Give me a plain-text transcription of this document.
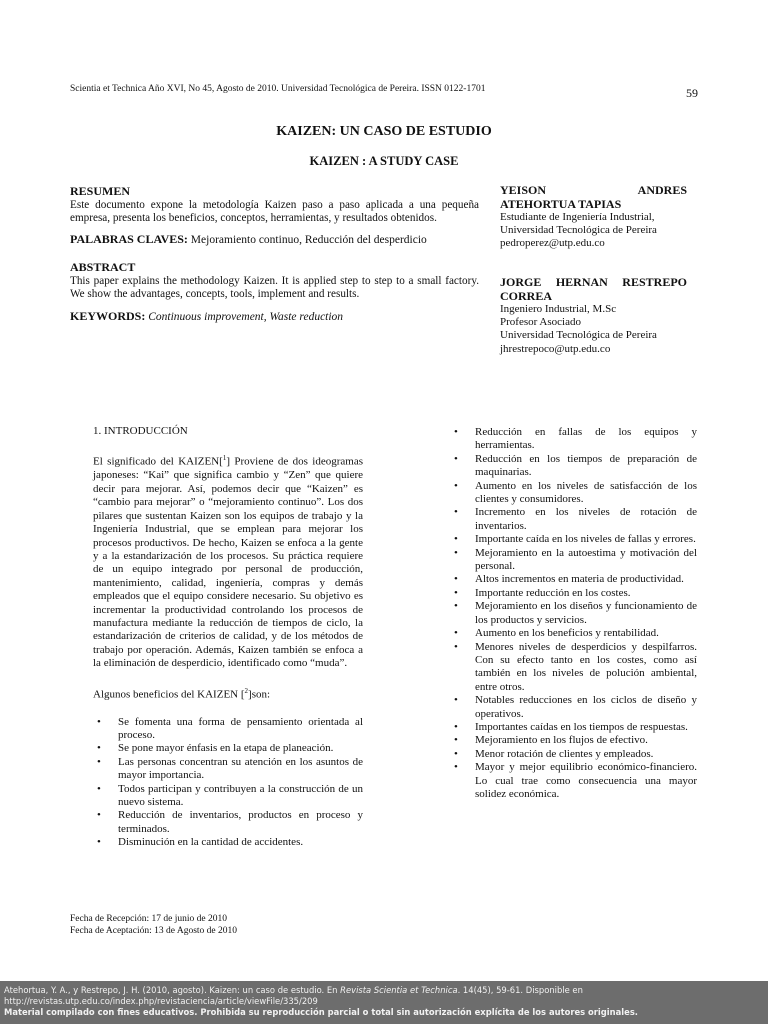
Scientia et Technica Año XVI, No 45, Agosto de 2010. Universidad Tecnológica de Pereira. ISSN 0122-1701	59
KAIZEN: UN CASO DE ESTUDIO
KAIZEN : A STUDY CASE
RESUMEN
Este documento expone la metodología Kaizen paso a paso aplicada a una pequeña empresa, presenta los beneficios, conceptos, herramientas, y resultados obtenidos.
PALABRAS CLAVES: Mejoramiento continuo, Reducción del desperdicio
ABSTRACT
This paper explains the methodology Kaizen. It is applied step to step to a small factory. We show the advantages, concepts, tools, implement and results.
KEYWORDS: Continuous improvement, Waste reduction
YEISON ANDRES
ATEHORTUA TAPIAS
Estudiante de Ingeniería Industrial,
Universidad Tecnológica de Pereira
pedroperez@utp.edu.co
JORGE HERNAN RESTREPO
CORREA
Ingeniero Industrial, M.Sc
Profesor Asociado
Universidad Tecnológica de Pereira
jhrestrepoco@utp.edu.co
1. INTRODUCCIÓN
El significado del KAIZEN[$^1$] Proviene de dos ideogramas japoneses: “Kai” que significa cambio y “Zen” que quiere decir para mejorar. Así, podemos decir que “Kaizen” es “cambio para mejorar” o “mejoramiento continuo”. Los dos pilares que sustentan Kaizen son los equipos de trabajo y la Ingeniería Industrial, que se emplean para mejorar los procesos productivos. De hecho, Kaizen se enfoca a la gente y a la estandarización de los procesos. Su práctica requiere de un equipo integrado por personal de producción, mantenimiento, calidad, ingeniería, compras y demás empleados que el equipo considere necesario. Su objetivo es incrementar la productividad controlando los procesos de manufactura mediante la reducción de tiempos de ciclo, la estandarización de criterios de calidad, y de los métodos de trabajo por operación. Además, Kaizen también se enfoca a la eliminación de desperdicio, identificado como “muda”.
Algunos beneficios del KAIZEN [$^2$]son:
• Se fomenta una forma de pensamiento orientada al proceso.
• Se pone mayor énfasis en la etapa de planeación.
• Las personas concentran su atención en los asuntos de mayor importancia.
• Todos participan y contribuyen a la construcción de un nuevo sistema.
• Reducción de inventarios, productos en proceso y terminados.
• Disminución en la cantidad de accidentes.
• Reducción en fallas de los equipos y herramientas.
• Reducción en los tiempos de preparación de maquinarias.
• Aumento en los niveles de satisfacción de los clientes y consumidores.
• Incremento en los niveles de rotación de inventarios.
• Importante caída en los niveles de fallas y errores.
• Mejoramiento en la autoestima y motivación del personal.
• Altos incrementos en materia de productividad.
• Importante reducción en los costes.
• Mejoramiento en los diseños y funcionamiento de los productos y servicios.
• Aumento en los beneficios y rentabilidad.
• Menores niveles de desperdicios y despilfarros. Con su efecto tanto en los costes, como así también en los niveles de polución ambiental, entre otros.
• Notables reducciones en los ciclos de diseño y operativos.
• Importantes caídas en los tiempos de respuestas.
• Mejoramiento en los flujos de efectivo.
• Menor rotación de clientes y empleados.
• Mayor y mejor equilibrio económico-financiero. Lo cual trae como consecuencia una mayor solidez económica.
Fecha de Recepción: 17 de junio de 2010
Fecha de Aceptación: 13 de Agosto de 2010
Atehortua, Y. A., y Restrepo, J. H. (2010, agosto). Kaizen: un caso de estudio. En Revista Scientia et Technica. 14(45), 59-61. Disponible en
http://revistas.utp.edu.co/index.php/revistaciencia/article/viewFile/335/209
Material compilado con fines educativos. Prohibida su reproducción parcial o total sin autorización explícita de los autores originales.
